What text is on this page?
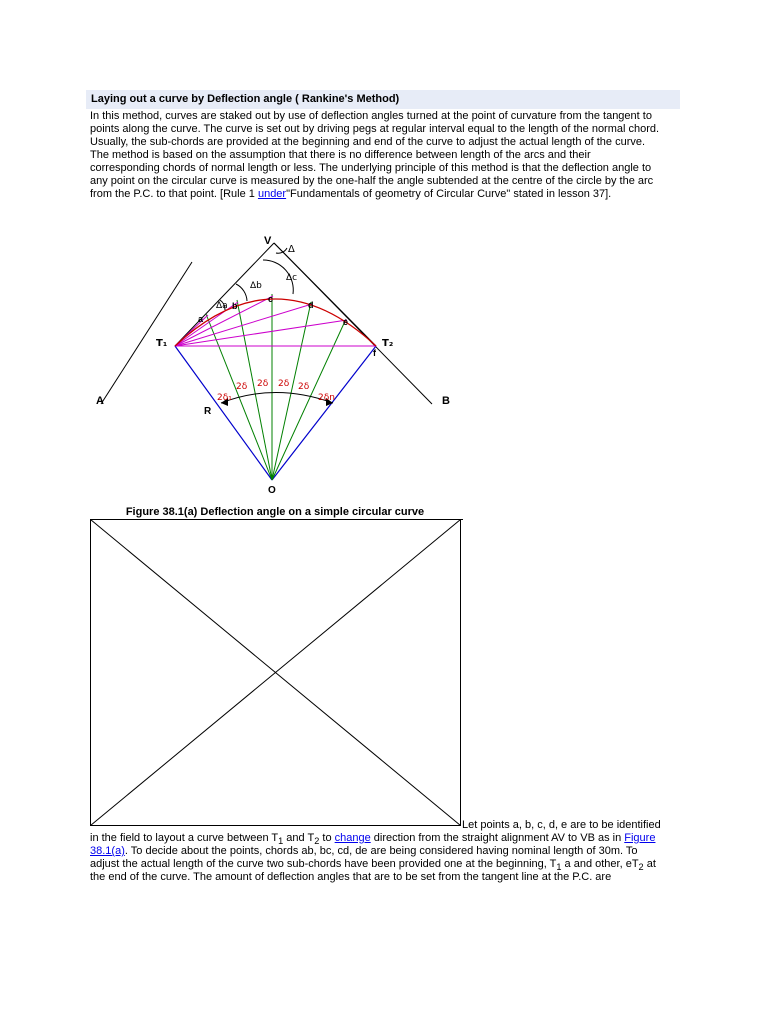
Laying out a curve by Deflection angle ( Rankine's Method)
In this method, curves are staked out by use of deflection angles turned at the point of curvature from the tangent to
points along the curve. The curve is set out by driving pegs at regular interval equal to the length of the normal chord.
Usually, the sub-chords are provided at the beginning and end of the curve to adjust the actual length of the curve.
The method is based on the assumption that there is no difference between length of the arcs and their
corresponding chords of normal length or less. The underlying principle of this method is that the deflection angle to
any point on the circular curve is measured by the one-half the angle subtended at the centre of the circle by the arc
from the P.C. to that point. [Rule 1 under"Fundamentals of geometry of Circular Curve" stated in lesson 37].
V
Δ
Δc
Δb
Δa
a
b
c
d
e
f
T₁	T₂
A	B
R
O
2δ₁
2δ 2δ 2δ 2δ
2δn
Figure 38.1(a) Deflection angle on a simple circular curve
Let points a, b, c, d, e are to be identified
in the field to layout a curve between $T_1$ and $T_2$ to change direction from the straight alignment AV to VB as in Figure
38.1(a). To decide about the points, chords ab, bc, cd, de are being considered having nominal length of 30m. To
adjust the actual length of the curve two sub-chords have been provided one at the beginning, $T_1$ a and other, $eT_2$ at
the end of the curve. The amount of deflection angles that are to be set from the tangent line at the P.C. are
